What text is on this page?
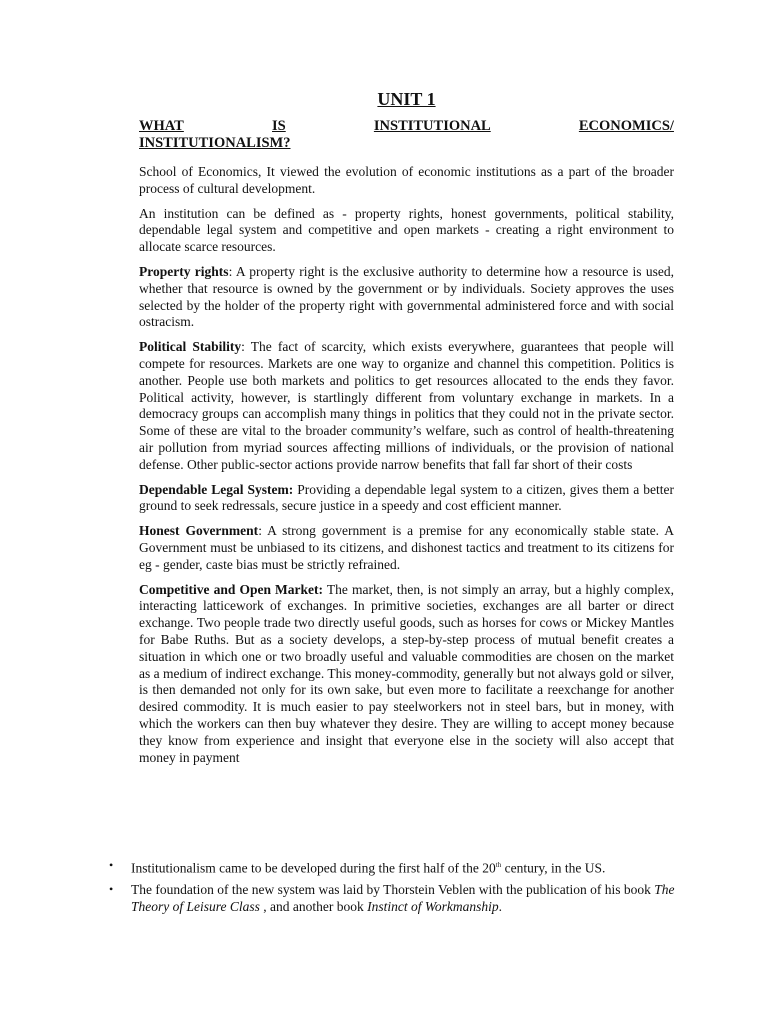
UNIT 1
WHAT	IS	INSTITUTIONAL	ECONOMICS/
INSTITUTIONALISM?

School of Economics, It viewed the evolution of economic institutions as a part of the broader process of cultural development.

An institution can be defined as - property rights, honest governments, political stability, dependable legal system and competitive and open markets - creating a right environment to allocate scarce resources.

Property rights: A property right is the exclusive authority to determine how a resource is used, whether that resource is owned by the government or by individuals. Society approves the uses selected by the holder of the property right with governmental administered force and with social ostracism.

Political Stability: The fact of scarcity, which exists everywhere, guarantees that people will compete for resources. Markets are one way to organize and channel this competition. Politics is another. People use both markets and politics to get resources allocated to the ends they favor. Political activity, however, is startlingly different from voluntary exchange in markets. In a democracy groups can accomplish many things in politics that they could not in the private sector. Some of these are vital to the broader community’s welfare, such as control of health-threatening air pollution from myriad sources affecting millions of individuals, or the provision of national defense. Other public-sector actions provide narrow benefits that fall far short of their costs

Dependable Legal System: Providing a dependable legal system to a citizen, gives them a better ground to seek redressals, secure justice in a speedy and cost efficient manner.

Honest Government: A strong government is a premise for any economically stable state. A Government must be unbiased to its citizens, and dishonest tactics and treatment to its citizens for eg - gender, caste bias must be strictly refrained.

Competitive and Open Market: The market, then, is not simply an array, but a highly complex, interacting latticework of exchanges. In primitive societies, exchanges are all barter or direct exchange. Two people trade two directly useful goods, such as horses for cows or Mickey Mantles for Babe Ruths. But as a society develops, a step-by-step process of mutual benefit creates a situation in which one or two broadly useful and valuable commodities are chosen on the market as a medium of indirect exchange. This money-commodity, generally but not always gold or silver, is then demanded not only for its own sake, but even more to facilitate a reexchange for another desired commodity. It is much easier to pay steelworkers not in steel bars, but in money, with which the workers can then buy whatever they desire. They are willing to accept money because they know from experience and insight that everyone else in the society will also accept that money in payment

• Institutionalism came to be developed during the first half of the 20th century, in the US.
• The foundation of the new system was laid by Thorstein Veblen with the publication of his book The Theory of Leisure Class , and another book Instinct of Workmanship.
